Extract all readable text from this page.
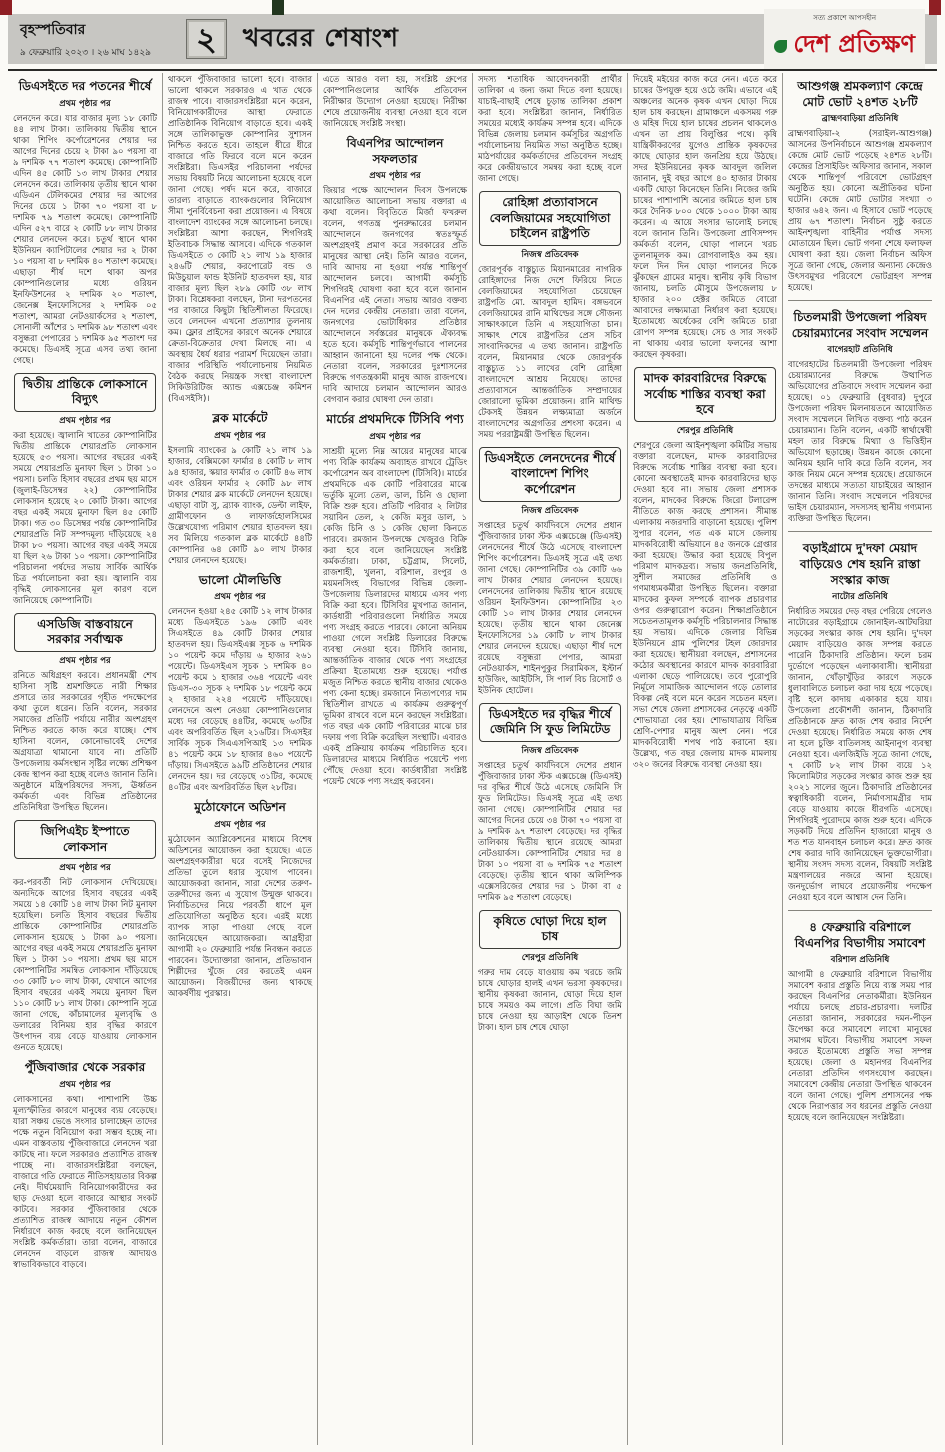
বৃহস্পতিবার
৯ ফেব্রুয়ারি ২০২৩ । ২৬ মাঘ ১৪২৯	২	খবরের শেষাংশ
সত্য প্রকাশে আপসহীন
দেশ প্রতিক্ষণ
ডিএসইতে দর পতনের শীর্ষে
প্রথম পৃষ্ঠার পর
লেনদেন করে। যার বাজার মূল্য ১৮ কোটি ৪৪ লাখ টাকা। তালিকায় দ্বিতীয় স্থানে থাকা শিপিং কর্পোরেশনের শেয়ার দর আগের দিনের চেয়ে ২ টাকা ৯০ পয়সা বা ৯ দশমিক ৭৭ শতাংশ কমেছে। কোম্পানিটি এদিন ৪৫ কোটি ১৩ লাখ টাকার শেয়ার লেনদেন করে। তালিকায় তৃতীয় স্থানে থাকা এডিএন টেলিকমের শেয়ার দর আগের দিনের চেয়ে ১ টাকা ৭০ পয়সা বা ৮ দশমিক ৭৯ শতাংশ কমেছে। কোম্পানিটি এদিন ৫২৭ বারে ২ কোটি ৮৮ লাখ টাকার শেয়ার লেনদেন করে। চতুর্থ স্থানে থাকা ইউনিয়ন ক্যাপিটালের শেয়ার দর ২ টাকা ১০ পয়সা বা ৮ দশমিক ৪০ শতাংশ কমেছে। এছাড়া শীর্ষ দশে থাকা অপর কোম্পানিগুলোর মধ্যে ওরিয়ন ইনফিউশনের ২ দশমিক ২০ শতাংশ, জেনেক্স ইনফোসিসের ২ দশমিক ০৫ শতাংশ, আমরা নেটওয়ার্কসের ২ শতাংশ, সোনালী আঁশের ১ দশমিক ৯৮ শতাংশ এবং বসুন্ধরা পেপারের ১ দশমিক ৯৫ শতাংশ দর কমেছে। ডিএসই সূত্রে এসব তথ্য জানা গেছে।
দ্বিতীয় প্রান্তিকে লোকসানে বিদ্যুৎ
প্রথম পৃষ্ঠার পর
করা হয়েছে। জ্বালানি খাতের কোম্পানিটির দ্বিতীয় প্রান্তিকে শেয়ারপ্রতি লোকসান হয়েছে ৫৩ পয়সা। আগের বছরের একই সময়ে শেয়ারপ্রতি মুনাফা ছিল ১ টাকা ১০ পয়সা। চলতি হিসাব বছরের প্রথম ছয় মাসে (জুলাই-ডিসেম্বর ২২) কোম্পানিটির লোকসান হয়েছে ২০ কোটি টাকা। আগের বছর একই সময়ে মুনাফা ছিল ৪৫ কোটি টাকা। গত ৩০ ডিসেম্বর পর্যন্ত কোম্পানিটির শেয়ারপ্রতি নিট সম্পদমূল্য দাঁড়িয়েছে ২৪ টাকা ৮০ পয়সা। আগের বছর একই সময়ে যা ছিল ২৬ টাকা ১০ পয়সা। কোম্পানিটির পরিচালনা পর্ষদের সভায় সার্বিক আর্থিক চিত্র পর্যালোচনা করা হয়। জ্বালানি ব্যয় বৃদ্ধিই লোকসানের মূল কারণ বলে জানিয়েছে কোম্পানিটি।
এসডিজি বাস্তবায়নে সরকার সর্বাত্মক
প্রথম পৃষ্ঠার পর
রনিতে অধিগ্রহণ করবে। প্রধানমন্ত্রী শেখ হাসিনা সৃষ্টি শ্রমশক্তিতে নারী শিক্ষার প্রসারে তার সরকারের গৃহীত পদক্ষেপের কথা তুলে ধরেন। তিনি বলেন, সরকার সমাজের প্রতিটি পর্যায়ে নারীর অংশগ্রহণ নিশ্চিত করতে কাজ করে যাচ্ছে। শেখ হাসিনা বলেন, কোনোভাবেই দেশের অগ্রযাত্রা থামানো যাবে না। প্রতিটি উপজেলায় কর্মসংস্থান সৃষ্টির লক্ষ্যে প্রশিক্ষণ কেন্দ্র স্থাপন করা হচ্ছে বলেও জানান তিনি। অনুষ্ঠানে মন্ত্রিপরিষদের সদস্য, ঊর্ধ্বতন কর্মকর্তা এবং বিভিন্ন প্রতিষ্ঠানের প্রতিনিধিরা উপস্থিত ছিলেন।
জিপিএইচ ইস্পাতে লোকসান
প্রথম পৃষ্ঠার পর
কর-পরবর্তী নিট লোকসান দেখিয়েছে। অন্যদিকে আগের হিসাব বছরের একই সময়ে ১৪ কোটি ১৪ লাখ টাকা নিট মুনাফা হয়েছিল। চলতি হিসাব বছরের দ্বিতীয় প্রান্তিকে কোম্পানিটির শেয়ারপ্রতি লোকসান হয়েছে ১ টাকা ৯০ পয়সা। আগের বছর একই সময়ে শেয়ারপ্রতি মুনাফা ছিল ১ টাকা ১০ পয়সা। প্রথম ছয় মাসে কোম্পানিটির সমন্বিত লোকসান দাঁড়িয়েছে ৩৩ কোটি ৮০ লাখ টাকা, যেখানে আগের হিসাব বছরের একই সময়ে মুনাফা ছিল ১১০ কোটি ৮১ লাখ টাকা। কোম্পানি সূত্রে জানা গেছে, কাঁচামালের মূল্যবৃদ্ধি ও ডলারের বিনিময় হার বৃদ্ধির কারণে উৎপাদন ব্যয় বেড়ে যাওয়ায় লোকসান গুনতে হয়েছে।
পুঁজিবাজার থেকে সরকার
প্রথম পৃষ্ঠার পর
লোকসানের কথা। পাশাপাশি উচ্চ মূল্যস্ফীতির কারণে মানুষের ব্যয় বেড়েছে। যারা সঞ্চয় ভেঙে সংসার চালাচ্ছেন তাদের পক্ষে নতুন বিনিয়োগ করা সম্ভব হচ্ছে না। এমন বাস্তবতায় পুঁজিবাজারে লেনদেন খরা কাটছে না। ফলে সরকারও প্রত্যাশিত রাজস্ব পাচ্ছে না। বাজারসংশ্লিষ্টরা বলছেন, বাজারে গতি ফেরাতে নীতিসহায়তার বিকল্প নেই। দীর্ঘমেয়াদি বিনিয়োগকারীদের কর ছাড় দেওয়া হলে বাজারে আস্থার সংকট কাটবে। সরকার পুঁজিবাজার থেকে প্রত্যাশিত রাজস্ব আদায়ে নতুন কৌশল নির্ধারণে কাজ করছে বলে জানিয়েছেন সংশ্লিষ্ট কর্মকর্তারা। তারা বলেন, বাজারে লেনদেন বাড়লে রাজস্ব আদায়ও স্বাভাবিকভাবে বাড়বে।
থাকলে পুঁজিবাজার ভালো হবে। বাজার ভালো থাকলে সরকারও এ খাত থেকে রাজস্ব পাবে। বাজারসংশ্লিষ্টরা মনে করেন, বিনিয়োগকারীদের আস্থা ফেরাতে প্রাতিষ্ঠানিক বিনিয়োগ বাড়াতে হবে। একই সঙ্গে তালিকাভুক্ত কোম্পানির সুশাসন নিশ্চিত করতে হবে। তাহলে ধীরে ধীরে বাজারে গতি ফিরবে বলে মনে করেন সংশ্লিষ্টরা। ডিএসইর পরিচালনা পর্ষদের সভায় বিষয়টি নিয়ে আলোচনা হয়েছে বলে জানা গেছে। পর্ষদ মনে করে, বাজারে তারল্য বাড়াতে ব্যাংকগুলোর বিনিয়োগ সীমা পুনর্বিবেচনা করা প্রয়োজন। এ বিষয়ে বাংলাদেশ ব্যাংকের সঙ্গে আলোচনা চলছে। সংশ্লিষ্টরা আশা করছেন, শিগগিরই ইতিবাচক সিদ্ধান্ত আসবে। এদিকে গতকাল ডিএসইতে ৩ কোটি ২১ লাখ ১৯ হাজার ২৪৬টি শেয়ার, করপোরেট বন্ড ও মিউচুয়াল ফান্ড ইউনিট হাতবদল হয়, যার বাজার মূল্য ছিল ২৮৯ কোটি ৩৮ লাখ টাকা। বিশ্লেষকরা বলছেন, টানা দরপতনের পর বাজারে কিছুটা স্থিতিশীলতা ফিরেছে। তবে লেনদেন এখনো প্রত্যাশার তুলনায় কম। ফ্লোর প্রাইসের কারণে অনেক শেয়ারে ক্রেতা-বিক্রেতার দেখা মিলছে না। এ অবস্থায় ধৈর্য ধরার পরামর্শ দিয়েছেন তারা। বাজার পরিস্থিতি পর্যালোচনায় নিয়মিত বৈঠক করছে নিয়ন্ত্রক সংস্থা বাংলাদেশ সিকিউরিটিজ অ্যান্ড এক্সচেঞ্জ কমিশন (বিএসইসি)।
ব্লক মার্কেটে
প্রথম পৃষ্ঠার পর
ইসলামি ব্যাংকের ৯ কোটি ২১ লাখ ১৯ হাজার, বেক্সিমকো ফার্মার ৪ কোটি ৮ লাখ ৯৪ হাজার, স্কয়ার ফার্মার ৩ কোটি ৪৬ লাখ এবং ওরিয়ন ফার্মার ২ কোটি ৯৮ লাখ টাকার শেয়ার ব্লক মার্কেটে লেনদেন হয়েছে। এছাড়া বাটা সু, ব্র্যাক ব্যাংক, ডেল্টা লাইফ, গ্রামীণফোন ও লাফার্জহোলসিমের উল্লেখযোগ্য পরিমাণ শেয়ার হাতবদল হয়। সব মিলিয়ে গতকাল ব্লক মার্কেটে ৪৪টি কোম্পানির ৬৪ কোটি ৯০ লাখ টাকার শেয়ার লেনদেন হয়েছে।
ভালো মৌলভিত্তি
প্রথম পৃষ্ঠার পর
লেনদেন হওয়া ২৪৫ কোটি ১২ লাখ টাকার মধ্যে ডিএসইতে ১৯৬ কোটি এবং সিএসইতে ৪৯ কোটি টাকার শেয়ার হাতবদল হয়। ডিএসইএক্স সূচক ৬ দশমিক ১০ পয়েন্ট কমে দাঁড়ায় ৬ হাজার ২৬১ পয়েন্টে। ডিএসইএস সূচক ১ দশমিক ৪০ পয়েন্ট কমে ১ হাজার ৩৬৪ পয়েন্টে এবং ডিএস-৩০ সূচক ২ দশমিক ১৮ পয়েন্ট কমে ২ হাজার ২২৪ পয়েন্টে দাঁড়িয়েছে। লেনদেনে অংশ নেওয়া কোম্পানিগুলোর মধ্যে দর বেড়েছে ৪৪টির, কমেছে ৬৩টির এবং অপরিবর্তিত ছিল ২১৬টির। সিএসইর সার্বিক সূচক সিএএসপিআই ১৩ দশমিক ৪১ পয়েন্ট কমে ১৮ হাজার ৪৬০ পয়েন্টে দাঁড়ায়। সিএসইতে ৯৯টি প্রতিষ্ঠানের শেয়ার লেনদেন হয়। দর বেড়েছে ৩১টির, কমেছে ৪০টির এবং অপরিবর্তিত ছিল ২৮টির।
মুঠোফোনে অডিশন
প্রথম পৃষ্ঠার পর
মুঠোফোন অ্যাপ্লিকেশনের মাধ্যমে বিশেষ অডিশনের আয়োজন করা হয়েছে। এতে অংশগ্রহণকারীরা ঘরে বসেই নিজেদের প্রতিভা তুলে ধরার সুযোগ পাবেন। আয়োজকরা জানান, সারা দেশের তরুণ-তরুণীদের জন্য এ সুযোগ উন্মুক্ত থাকবে। নির্বাচিতদের নিয়ে পরবর্তী ধাপে মূল প্রতিযোগিতা অনুষ্ঠিত হবে। এরই মধ্যে ব্যাপক সাড়া পাওয়া গেছে বলে জানিয়েছেন আয়োজকরা। আগ্রহীরা আগামী ২০ ফেব্রুয়ারি পর্যন্ত নিবন্ধন করতে পারবেন। উদ্যোক্তারা জানান, প্রতিভাবান শিল্পীদের খুঁজে বের করতেই এমন আয়োজন। বিজয়ীদের জন্য থাকছে আকর্ষণীয় পুরস্কার।
এতে আরও বলা হয়, সংশ্লিষ্ট গ্রুপের কোম্পানিগুলোর আর্থিক প্রতিবেদন নিরীক্ষার উদ্যোগ নেওয়া হয়েছে। নিরীক্ষা শেষে প্রয়োজনীয় ব্যবস্থা নেওয়া হবে বলে জানিয়েছে সংশ্লিষ্ট সংস্থা।
বিএনপির আন্দোলন সফলতার
প্রথম পৃষ্ঠার পর
জিয়ার পক্ষে আন্দোলন দিবস উপলক্ষে আয়োজিত আলোচনা সভায় বক্তারা এ কথা বলেন। বিবৃতিতে মির্জা ফখরুল বলেন, গণতন্ত্র পুনরুদ্ধারের চলমান আন্দোলনে জনগণের স্বতঃস্ফূর্ত অংশগ্রহণই প্রমাণ করে সরকারের প্রতি মানুষের আস্থা নেই। তিনি আরও বলেন, দাবি আদায় না হওয়া পর্যন্ত শান্তিপূর্ণ আন্দোলন চলবে। আগামী কর্মসূচি শিগগিরই ঘোষণা করা হবে বলে জানান বিএনপির এই নেতা। সভায় আরও বক্তব্য দেন দলের কেন্দ্রীয় নেতারা। তারা বলেন, জনগণের ভোটাধিকার প্রতিষ্ঠার আন্দোলনে সর্বস্তরের মানুষকে ঐক্যবদ্ধ হতে হবে। কর্মসূচি শান্তিপূর্ণভাবে পালনের আহ্বান জানানো হয় দলের পক্ষ থেকে। নেতারা বলেন, সরকারের দুঃশাসনের বিরুদ্ধে গণতন্ত্রকামী মানুষ আজ রাজপথে। দাবি আদায়ে চলমান আন্দোলন আরও বেগবান করার ঘোষণা দেন তারা।
মার্চের প্রথমদিকে টিসিবি পণ্য
প্রথম পৃষ্ঠার পর
সাশ্রয়ী মূল্যে নিম্ন আয়ের মানুষের মাঝে পণ্য বিক্রি কার্যক্রম অব্যাহত রাখবে ট্রেডিং কর্পোরেশন অব বাংলাদেশ (টিসিবি)। মার্চের প্রথমদিকে এক কোটি পরিবারের মাঝে ভর্তুকি মূল্যে তেল, ডাল, চিনি ও ছোলা বিক্রি শুরু হবে। প্রতিটি পরিবার ২ লিটার সয়াবিন তেল, ২ কেজি মসুর ডাল, ১ কেজি চিনি ও ১ কেজি ছোলা কিনতে পারবে। রমজান উপলক্ষে খেজুরও বিক্রি করা হবে বলে জানিয়েছেন সংশ্লিষ্ট কর্মকর্তারা। ঢাকা, চট্টগ্রাম, সিলেট, রাজশাহী, খুলনা, বরিশাল, রংপুর ও ময়মনসিংহ বিভাগের বিভিন্ন জেলা-উপজেলায় ডিলারদের মাধ্যমে এসব পণ্য বিক্রি করা হবে। টিসিবির মুখপাত্র জানান, কার্ডধারী পরিবারগুলো নির্ধারিত সময়ে পণ্য সংগ্রহ করতে পারবে। কোনো অনিয়ম পাওয়া গেলে সংশ্লিষ্ট ডিলারের বিরুদ্ধে ব্যবস্থা নেওয়া হবে। টিসিবি জানায়, আন্তর্জাতিক বাজার থেকে পণ্য সংগ্রহের প্রক্রিয়া ইতোমধ্যে শুরু হয়েছে। পর্যাপ্ত মজুত নিশ্চিত করতে স্থানীয় বাজার থেকেও পণ্য কেনা হচ্ছে। রমজানে নিত্যপণ্যের দাম স্থিতিশীল রাখতে এ কার্যক্রম গুরুত্বপূর্ণ ভূমিকা রাখবে বলে মনে করছেন সংশ্লিষ্টরা। গত বছর এক কোটি পরিবারের মাঝে চার দফায় পণ্য বিক্রি করেছিল সংস্থাটি। এবারও একই প্রক্রিয়ায় কার্যক্রম পরিচালিত হবে। ডিলারদের মাধ্যমে নির্ধারিত পয়েন্টে পণ্য পৌঁছে দেওয়া হবে। কার্ডধারীরা সংশ্লিষ্ট পয়েন্ট থেকে পণ্য সংগ্রহ করবেন।
সদস্য শতাধিক আবেদনকারী প্রার্থীর তালিকা এ জন্য জমা দিতে বলা হয়েছে। যাচাই-বাছাই শেষে চূড়ান্ত তালিকা প্রকাশ করা হবে। সংশ্লিষ্টরা জানান, নির্ধারিত সময়ের মধ্যেই কার্যক্রম সম্পন্ন হবে। এদিকে বিভিন্ন জেলায় চলমান কর্মসূচির অগ্রগতি পর্যালোচনায় নিয়মিত সভা অনুষ্ঠিত হচ্ছে। মাঠপর্যায়ের কর্মকর্তাদের প্রতিবেদন সংগ্রহ করে কেন্দ্রীয়ভাবে সমন্বয় করা হচ্ছে বলে জানা গেছে।
রোহিঙ্গা প্রত্যাবাসনে বেলজিয়ামের সহযোগিতা চাইলেন রাষ্ট্রপতি
নিজস্ব প্রতিবেদক
জোরপূর্বক বাস্তুচ্যুত মিয়ানমারের নাগরিক রোহিঙ্গাদের নিজ দেশে ফিরিয়ে নিতে বেলজিয়ামের সহযোগিতা চেয়েছেন রাষ্ট্রপতি মো. আবদুল হামিদ। বঙ্গভবনে বেলজিয়ামের রানি মাথিল্ডের সঙ্গে সৌজন্য সাক্ষাৎকালে তিনি এ সহযোগিতা চান। সাক্ষাৎ শেষে রাষ্ট্রপতির প্রেস সচিব সাংবাদিকদের এ তথ্য জানান। রাষ্ট্রপতি বলেন, মিয়ানমার থেকে জোরপূর্বক বাস্তুচ্যুত ১১ লাখের বেশি রোহিঙ্গা বাংলাদেশে আশ্রয় নিয়েছে। তাদের প্রত্যাবাসনে আন্তর্জাতিক সম্প্রদায়ের জোরালো ভূমিকা প্রয়োজন। রানি মাথিল্ড টেকসই উন্নয়ন লক্ষ্যমাত্রা অর্জনে বাংলাদেশের অগ্রগতির প্রশংসা করেন। এ সময় পররাষ্ট্রমন্ত্রী উপস্থিত ছিলেন।
ডিএসইতে লেনদেনের শীর্ষে বাংলাদেশ শিপিং কর্পোরেশন
নিজস্ব প্রতিবেদক
সপ্তাহের চতুর্থ কার্যদিবসে দেশের প্রধান পুঁজিবাজার ঢাকা স্টক এক্সচেঞ্জে (ডিএসই) লেনদেনের শীর্ষে উঠে এসেছে বাংলাদেশ শিপিং কর্পোরেশন। ডিএসই সূত্রে এই তথ্য জানা গেছে। কোম্পানিটির ৩৯ কোটি ৬৬ লাখ টাকার শেয়ার লেনদেন হয়েছে। লেনদেনের তালিকায় দ্বিতীয় স্থানে রয়েছে ওরিয়ন ইনফিউশন। কোম্পানিটির ২৩ কোটি ১০ লাখ টাকার শেয়ার লেনদেন হয়েছে। তৃতীয় স্থানে থাকা জেনেক্স ইনফোসিসের ১৯ কোটি ৮ লাখ টাকার শেয়ার লেনদেন হয়েছে। এছাড়া শীর্ষ দশে রয়েছে বসুন্ধরা পেপার, আমরা নেটওয়ার্কস, শাইনপুকুর সিরামিকস, ইস্টার্ন হাউজিং, আইটিসি, সি পার্ল বিচ রিসোর্ট ও ইউনিক হোটেল।
ডিএসইতে দর বৃদ্ধির শীর্ষে জেমিনি সি ফুড লিমিটেড
নিজস্ব প্রতিবেদক
সপ্তাহের চতুর্থ কার্যদিবসে দেশের প্রধান পুঁজিবাজার ঢাকা স্টক এক্সচেঞ্জে (ডিএসই) দর বৃদ্ধির শীর্ষে উঠে এসেছে জেমিনি সি ফুড লিমিটেড। ডিএসই সূত্রে এই তথ্য জানা গেছে। কোম্পানিটির শেয়ার দর আগের দিনের চেয়ে ৩৪ টাকা ৭০ পয়সা বা ৯ দশমিক ৯৭ শতাংশ বেড়েছে। দর বৃদ্ধির তালিকায় দ্বিতীয় স্থানে রয়েছে আমরা নেটওয়ার্কস। কোম্পানিটির শেয়ার দর ৪ টাকা ১০ পয়সা বা ৬ দশমিক ৭৫ শতাংশ বেড়েছে। তৃতীয় স্থানে থাকা অলিম্পিক এক্সেসরিজের শেয়ার দর ১ টাকা বা ৫ দশমিক ৯৫ শতাংশ বেড়েছে।
কৃষিতে ঘোড়া দিয়ে হাল চাষ
শেরপুর প্রতিনিধি
গরুর দাম বেড়ে যাওয়ায় কম খরচে জমি চাষে ঘোড়ার হালই এখন ভরসা কৃষকদের। স্থানীয় কৃষকরা জানান, ঘোড়া দিয়ে হাল চাষে সময়ও কম লাগে। প্রতি বিঘা জমি চাষে নেওয়া হয় আড়াইশ থেকে তিনশ টাকা। হাল চাষ শেষে ঘোড়া
দিয়েই মইয়ের কাজ করে নেন। এতে করে চাষের উপযুক্ত হয়ে ওঠে জমি। এভাবে এই অঞ্চলের অনেক কৃষক এখন ঘোড়া দিয়ে হাল চাষ করছেন। গ্রামাঞ্চলে একসময় গরু ও মহিষ দিয়ে হাল চাষের প্রচলন থাকলেও এখন তা প্রায় বিলুপ্তির পথে। কৃষি যান্ত্রিকীকরণের যুগেও প্রান্তিক কৃষকদের কাছে ঘোড়ার হাল জনপ্রিয় হয়ে উঠছে। সদর ইউনিয়নের কৃষক আবদুল জলিল জানান, দুই বছর আগে ৪০ হাজার টাকায় একটি ঘোড়া কিনেছেন তিনি। নিজের জমি চাষের পাশাপাশি অন্যের জমিতে হাল চাষ করে দৈনিক ৮০০ থেকে ১০০০ টাকা আয় করেন। এ আয়ে সংসার ভালোই চলছে বলে জানান তিনি। উপজেলা প্রাণিসম্পদ কর্মকর্তা বলেন, ঘোড়া পালনে খরচ তুলনামূলক কম। রোগবালাইও কম হয়। ফলে দিন দিন ঘোড়া পালনের দিকে ঝুঁকছেন গ্রামের মানুষ। স্থানীয় কৃষি বিভাগ জানায়, চলতি মৌসুমে উপজেলায় ৮ হাজার ২০০ হেক্টর জমিতে বোরো আবাদের লক্ষ্যমাত্রা নির্ধারণ করা হয়েছে। ইতোমধ্যে অর্ধেকের বেশি জমিতে চারা রোপণ সম্পন্ন হয়েছে। সেচ ও সার সংকট না থাকায় এবার ভালো ফলনের আশা করছেন কৃষকরা।
মাদক কারবারিদের বিরুদ্ধে সর্বোচ্চ শাস্তির ব্যবস্থা করা হবে
শেরপুর প্রতিনিধি
শেরপুরে জেলা আইনশৃঙ্খলা কমিটির সভায় বক্তারা বলেছেন, মাদক কারবারিদের বিরুদ্ধে সর্বোচ্চ শাস্তির ব্যবস্থা করা হবে। কোনো অবস্থাতেই মাদক কারবারিদের ছাড় দেওয়া হবে না। সভায় জেলা প্রশাসক বলেন, মাদকের বিরুদ্ধে জিরো টলারেন্স নীতিতে কাজ করছে প্রশাসন। সীমান্ত এলাকায় নজরদারি বাড়ানো হয়েছে। পুলিশ সুপার বলেন, গত এক মাসে জেলায় মাদকবিরোধী অভিযানে ৪৫ জনকে গ্রেপ্তার করা হয়েছে। উদ্ধার করা হয়েছে বিপুল পরিমাণ মাদকদ্রব্য। সভায় জনপ্রতিনিধি, সুশীল সমাজের প্রতিনিধি ও গণমাধ্যমকর্মীরা উপস্থিত ছিলেন। বক্তারা মাদকের কুফল সম্পর্কে ব্যাপক প্রচারণার ওপর গুরুত্বারোপ করেন। শিক্ষাপ্রতিষ্ঠানে সচেতনতামূলক কর্মসূচি পরিচালনার সিদ্ধান্ত হয় সভায়। এদিকে জেলার বিভিন্ন ইউনিয়নে গ্রাম পুলিশের টহল জোরদার করা হয়েছে। স্থানীয়রা বলছেন, প্রশাসনের কঠোর অবস্থানের কারণে মাদক কারবারিরা এলাকা ছেড়ে পালিয়েছে। তবে পুরোপুরি নির্মূলে সামাজিক আন্দোলন গড়ে তোলার বিকল্প নেই বলে মনে করেন সচেতন মহল। সভা শেষে জেলা প্রশাসকের নেতৃত্বে একটি শোভাযাত্রা বের হয়। শোভাযাত্রায় বিভিন্ন শ্রেণি-পেশার মানুষ অংশ নেন। পরে মাদকবিরোধী শপথ পাঠ করানো হয়। উল্লেখ্য, গত বছর জেলায় মাদক মামলায় ৩২০ জনের বিরুদ্ধে ব্যবস্থা নেওয়া হয়।
আশুগঞ্জ শ্রমকল্যাণ কেন্দ্রে মোট ভোট ২৪শত ২৮টি
ব্রাহ্মণবাড়িয়া প্রতিনিধি
ব্রাহ্মণবাড়িয়া-২ (সরাইল-আশুগঞ্জ) আসনের উপনির্বাচনে আশুগঞ্জ শ্রমকল্যাণ কেন্দ্রে মোট ভোট পড়েছে ২৪শত ২৮টি। কেন্দ্রের প্রিসাইডিং অফিসার জানান, সকাল থেকে শান্তিপূর্ণ পরিবেশে ভোটগ্রহণ অনুষ্ঠিত হয়। কোনো অপ্রীতিকর ঘটনা ঘটেনি। কেন্দ্রে মোট ভোটার সংখ্যা ৩ হাজার ৬৪২ জন। এ হিসাবে ভোট পড়েছে প্রায় ৬৭ শতাংশ। নির্বাচন সুষ্ঠু করতে আইনশৃঙ্খলা বাহিনীর পর্যাপ্ত সদস্য মোতায়েন ছিল। ভোট গণনা শেষে ফলাফল ঘোষণা করা হয়। জেলা নির্বাচন অফিস সূত্রে জানা গেছে, জেলার অন্যান্য কেন্দ্রেও উৎসবমুখর পরিবেশে ভোটগ্রহণ সম্পন্ন হয়েছে।
চিতলমারী উপজেলা পরিষদ চেয়ারম্যানের সংবাদ সম্মেলন
বাগেরহাট প্রতিনিধি
বাগেরহাটের চিতলমারী উপজেলা পরিষদ চেয়ারম্যানের বিরুদ্ধে উত্থাপিত অভিযোগের প্রতিবাদে সংবাদ সম্মেলন করা হয়েছে। ০১ ফেব্রুয়ারি (বুধবার) দুপুরে উপজেলা পরিষদ মিলনায়তনে আয়োজিত সংবাদ সম্মেলনে লিখিত বক্তব্য পাঠ করেন চেয়ারম্যান। তিনি বলেন, একটি স্বার্থান্বেষী মহল তার বিরুদ্ধে মিথ্যা ও ভিত্তিহীন অভিযোগ ছড়াচ্ছে। উন্নয়ন কাজে কোনো অনিয়ম হয়নি দাবি করে তিনি বলেন, সব কাজ নিয়ম মেনে সম্পন্ন হয়েছে। প্রয়োজনে তদন্তের মাধ্যমে সত্যতা যাচাইয়ের আহ্বান জানান তিনি। সংবাদ সম্মেলনে পরিষদের ভাইস চেয়ারম্যান, সদস্যসহ স্থানীয় গণ্যমান্য ব্যক্তিরা উপস্থিত ছিলেন।
বড়াইগ্রামে দু'দফা মেয়াদ বাড়িয়েও শেষ হয়নি রাস্তা সংস্কার কাজ
নাটোর প্রতিনিধি
নির্ধারিত সময়ের দেড় বছর পেরিয়ে গেলেও নাটোরের বড়াইগ্রামে জোনাইল-আটঘরিয়া সড়কের সংস্কার কাজ শেষ হয়নি। দু'দফা মেয়াদ বাড়িয়েও কাজ সম্পন্ন করতে পারেনি ঠিকাদারি প্রতিষ্ঠান। ফলে চরম দুর্ভোগে পড়েছেন এলাকাবাসী। স্থানীয়রা জানান, খোঁড়াখুঁড়ির কারণে সড়কে ধুলাবালিতে চলাচল করা দায় হয়ে পড়েছে। বৃষ্টি হলে কাদায় একাকার হয়ে যায়। উপজেলা প্রকৌশলী জানান, ঠিকাদারি প্রতিষ্ঠানকে দ্রুত কাজ শেষ করার নির্দেশ দেওয়া হয়েছে। নির্ধারিত সময়ে কাজ শেষ না হলে চুক্তি বাতিলসহ আইনানুগ ব্যবস্থা নেওয়া হবে। এলজিইডি সূত্রে জানা গেছে, ৭ কোটি ৮২ লাখ টাকা ব্যয়ে ১২ কিলোমিটার সড়কের সংস্কার কাজ শুরু হয় ২০২১ সালের জুনে। ঠিকাদারি প্রতিষ্ঠানের স্বত্বাধিকারী বলেন, নির্মাণসামগ্রীর দাম বেড়ে যাওয়ায় কাজে ধীরগতি এসেছে। শিগগিরই পুরোদমে কাজ শুরু হবে। এদিকে সড়কটি দিয়ে প্রতিদিন হাজারো মানুষ ও শত শত যানবাহন চলাচল করে। দ্রুত কাজ শেষ করার দাবি জানিয়েছেন ভুক্তভোগীরা। স্থানীয় সংসদ সদস্য বলেন, বিষয়টি সংশ্লিষ্ট মন্ত্রণালয়ের নজরে আনা হয়েছে। জনদুর্ভোগ লাঘবে প্রয়োজনীয় পদক্ষেপ নেওয়া হবে বলে আশ্বাস দেন তিনি।
৪ ফেব্রুয়ারি বরিশালে বিএনপির বিভাগীয় সমাবেশ
বরিশাল প্রতিনিধি
আগামী ৪ ফেব্রুয়ারি বরিশালে বিভাগীয় সমাবেশ করার প্রস্তুতি নিয়ে ব্যস্ত সময় পার করছেন বিএনপির নেতাকর্মীরা। ইউনিয়ন পর্যায়ে চলছে প্রচার-প্রচারণা। দলটির নেতারা জানান, সরকারের দমন-পীড়ন উপেক্ষা করে সমাবেশে লাখো মানুষের সমাগম ঘটবে। বিভাগীয় সমাবেশ সফল করতে ইতোমধ্যে প্রস্তুতি সভা সম্পন্ন হয়েছে। জেলা ও মহানগর বিএনপির নেতারা প্রতিদিন গণসংযোগ করছেন। সমাবেশে কেন্দ্রীয় নেতারা উপস্থিত থাকবেন বলে জানা গেছে। পুলিশ প্রশাসনের পক্ষ থেকে নিরাপত্তার সব ধরনের প্রস্তুতি নেওয়া হয়েছে বলে জানিয়েছেন সংশ্লিষ্টরা।
